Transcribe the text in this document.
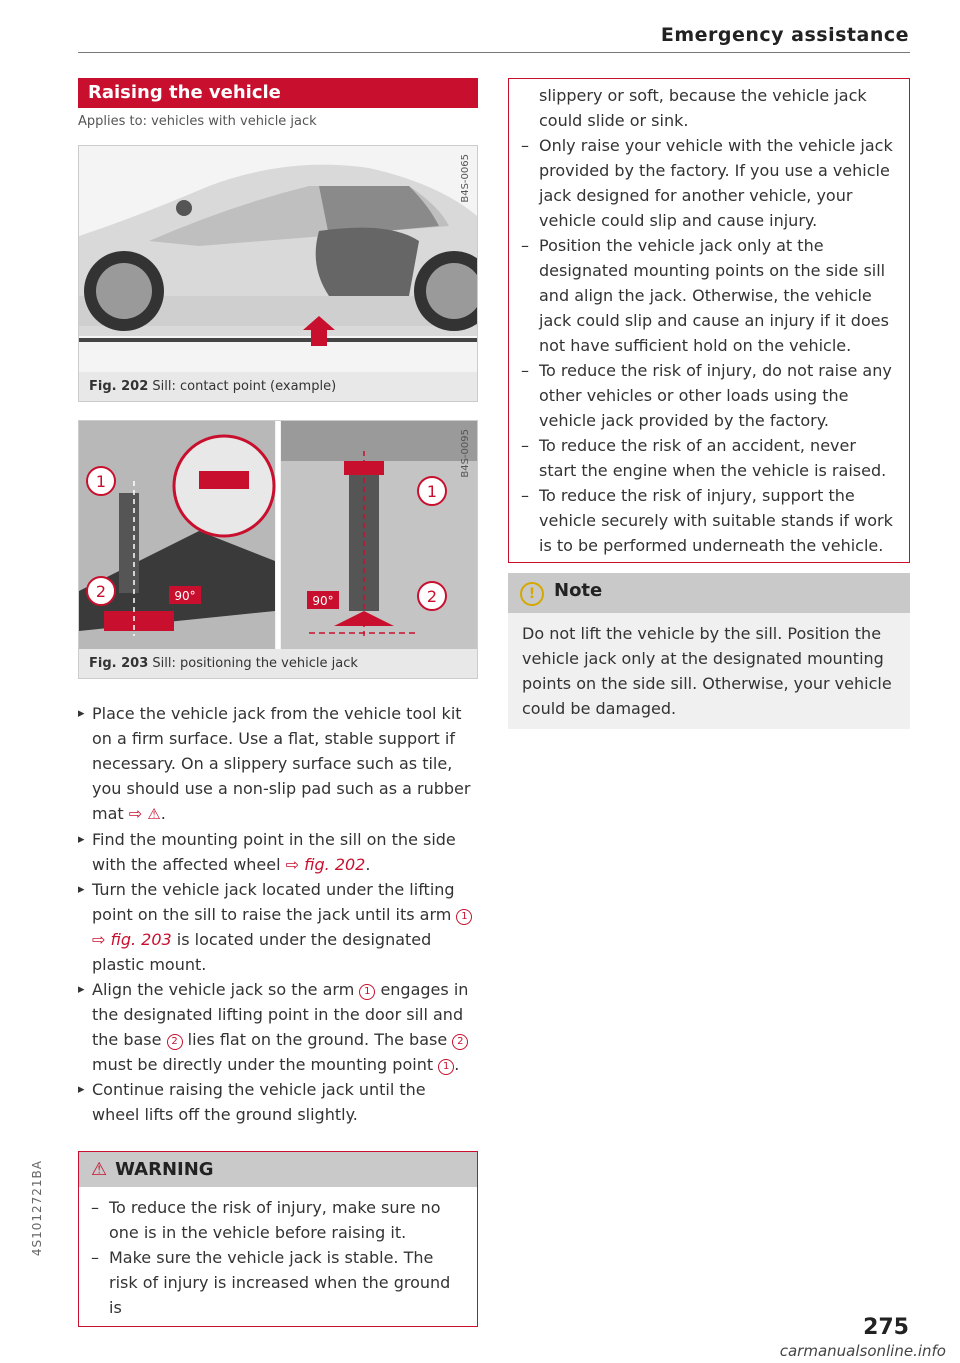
Emergency assistance
Raising the vehicle
Applies to: vehicles with vehicle jack
B4S-0065
Fig. 202 Sill: contact point (example)
1
2
1
2
90°	90°
B4S-0095
Fig. 203 Sill: positioning the vehicle jack
▸ Place the vehicle jack from the vehicle tool kit on a firm surface. Use a flat, stable support if necessary. On a slippery surface such as tile, you should use a non-slip pad such as a rubber mat ⇨ ⚠.
▸ Find the mounting point in the sill on the side with the affected wheel ⇨ fig. 202.
▸ Turn the vehicle jack located under the lifting point on the sill to raise the jack until its arm 1 ⇨ fig. 203 is located under the designated plastic mount.
▸ Align the vehicle jack so the arm 1 engages in the designated lifting point in the door sill and the base 2 lies flat on the ground. The base 2 must be directly under the mounting point 1 .
▸ Continue raising the vehicle jack until the wheel lifts off the ground slightly.
⚠ WARNING
– To reduce the risk of injury, make sure no one is in the vehicle before raising it.
– Make sure the vehicle jack is stable. The risk of injury is increased when the ground is
slippery or soft, because the vehicle jack could slide or sink.
– Only raise your vehicle with the vehicle jack provided by the factory. If you use a vehicle jack designed for another vehicle, your vehicle could slip and cause injury.
– Position the vehicle jack only at the designated mounting points on the side sill and align the jack. Otherwise, the vehicle jack could slip and cause an injury if it does not have sufficient hold on the vehicle.
– To reduce the risk of injury, do not raise any other vehicles or other loads using the vehicle jack provided by the factory.
– To reduce the risk of an accident, never start the engine when the vehicle is raised.
– To reduce the risk of injury, support the vehicle securely with suitable stands if work is to be performed underneath the vehicle.
! Note
Do not lift the vehicle by the sill. Position the vehicle jack only at the designated mounting points on the side sill. Otherwise, your vehicle could be damaged.
4S1012721BA
275
carmanualsonline.info
